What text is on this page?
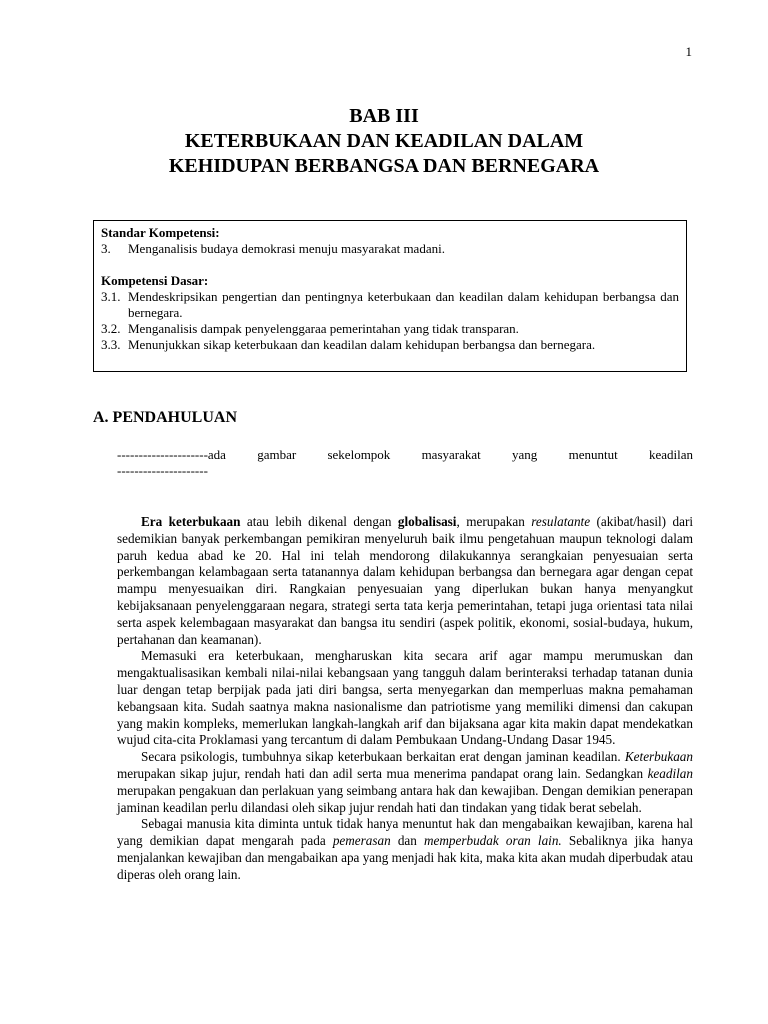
1
BAB III
KETERBUKAAN DAN KEADILAN DALAM
KEHIDUPAN BERBANGSA DAN BERNEGARA
Standar Kompetensi:
3.	Menganalisis budaya demokrasi menuju masyarakat madani.
Kompetensi Dasar:
3.1. Mendeskripsikan pengertian dan pentingnya keterbukaan dan keadilan dalam kehidupan berbangsa dan bernegara.
3.2. Menganalisis dampak penyelenggaraa pemerintahan yang tidak transparan.
3.3. Menunjukkan sikap keterbukaan dan keadilan dalam kehidupan berbangsa dan bernegara.
A. PENDAHULUAN
---------------------ada gambar sekelompok masyarakat yang menuntut keadilan
---------------------

Era keterbukaan atau lebih dikenal dengan globalisasi, merupakan resulatante (akibat/hasil) dari sedemikian banyak perkembangan pemikiran menyeluruh baik ilmu pengetahuan maupun teknologi dalam paruh kedua abad ke 20. Hal ini telah mendorong dilakukannya serangkaian penyesuaian serta perkembangan kelambagaan serta tatanannya dalam kehidupan berbangsa dan bernegara agar dengan cepat mampu menyesuaikan diri. Rangkaian penyesuaian yang diperlukan bukan hanya menyangkut kebijaksanaan penyelenggaraan negara, strategi serta tata kerja pemerintahan, tetapi juga orientasi tata nilai serta aspek kelembagaan masyarakat dan bangsa itu sendiri (aspek politik, ekonomi, sosial-budaya, hukum, pertahanan dan keamanan).

Memasuki era keterbukaan, mengharuskan kita secara arif agar mampu merumuskan dan mengaktualisasikan kembali nilai-nilai kebangsaan yang tangguh dalam berinteraksi terhadap tatanan dunia luar dengan tetap berpijak pada jati diri bangsa, serta menyegarkan dan memperluas makna pemahaman kebangsaan kita. Sudah saatnya makna nasionalisme dan patriotisme yang memiliki dimensi dan cakupan yang makin kompleks, memerlukan langkah-langkah arif dan bijaksana agar kita makin dapat mendekatkan wujud cita-cita Proklamasi yang tercantum di dalam Pembukaan Undang-Undang Dasar 1945.

Secara psikologis, tumbuhnya sikap keterbukaan berkaitan erat dengan jaminan keadilan. Keterbukaan merupakan sikap jujur, rendah hati dan adil serta mua menerima pandapat orang lain. Sedangkan keadilan merupakan pengakuan dan perlakuan yang seimbang antara hak dan kewajiban. Dengan demikian penerapan jaminan keadilan perlu dilandasi oleh sikap jujur rendah hati dan tindakan yang tidak berat sebelah.

Sebagai manusia kita diminta untuk tidak hanya menuntut hak dan mengabaikan kewajiban, karena hal yang demikian dapat mengarah pada pemerasan dan memperbudak oran lain. Sebaliknya jika hanya menjalankan kewajiban dan mengabaikan apa yang menjadi hak kita, maka kita akan mudah diperbudak atau diperas oleh orang lain.
